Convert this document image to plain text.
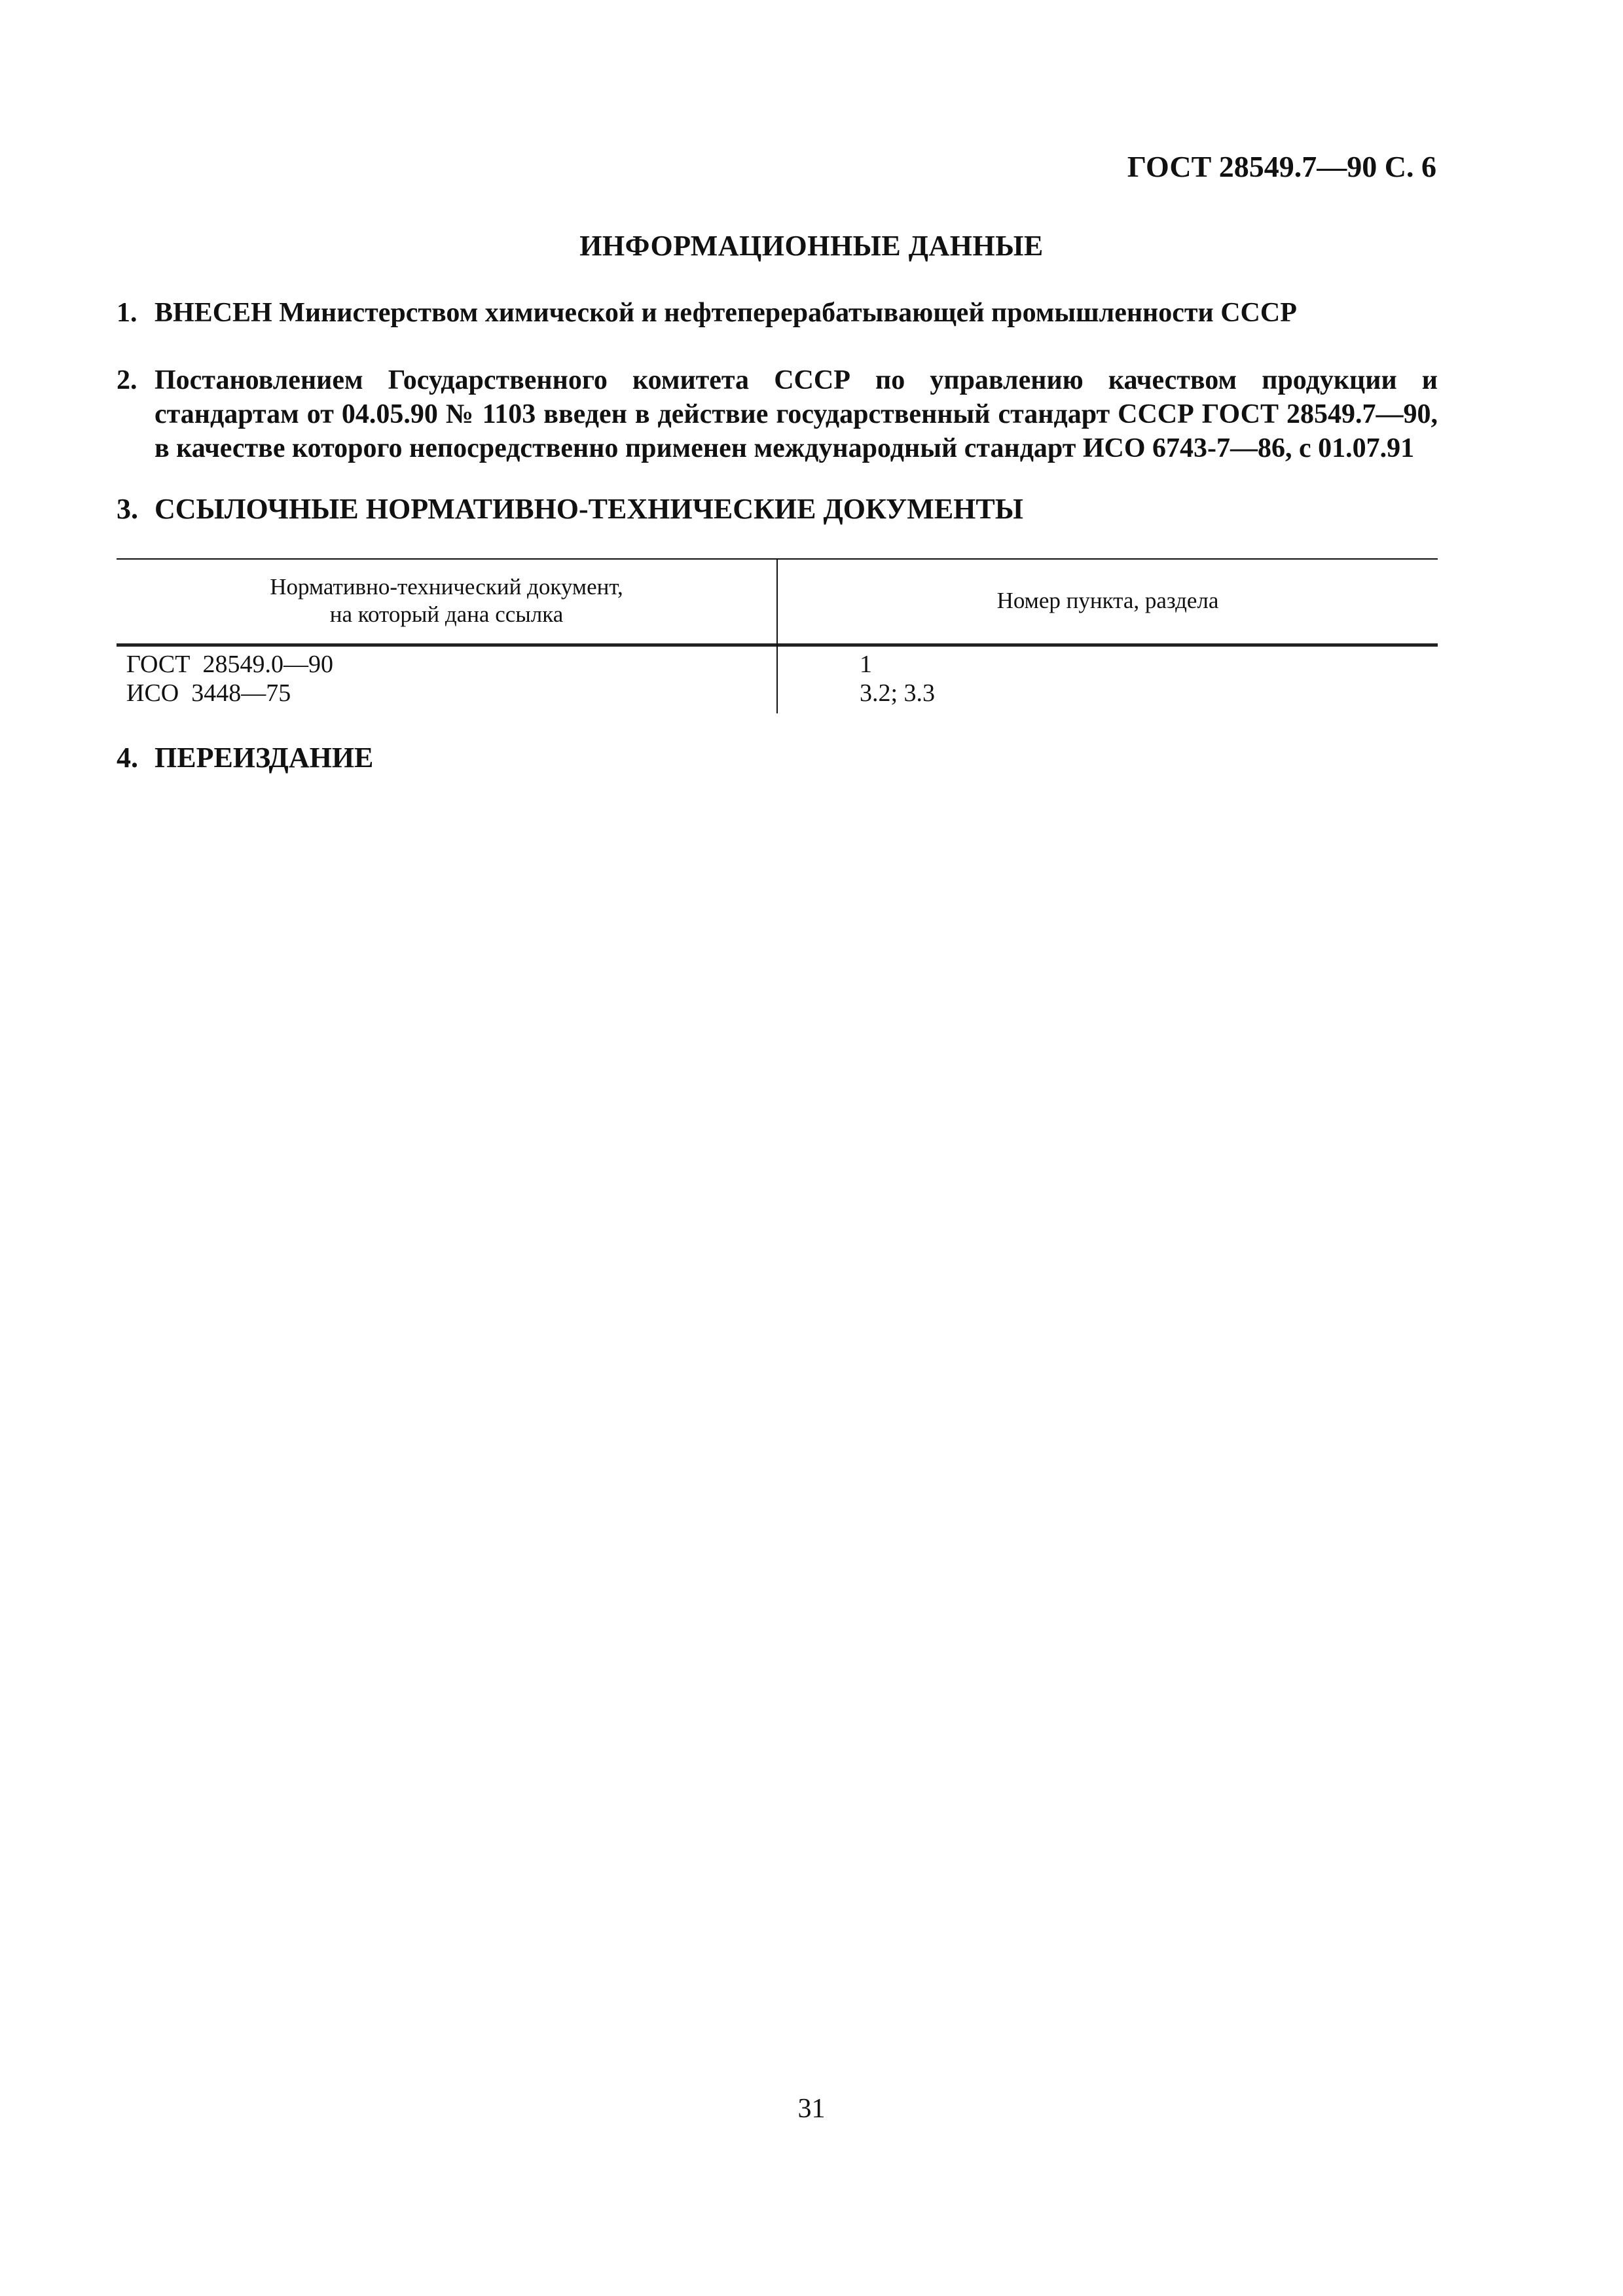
ГОСТ 28549.7—90 С. 6
ИНФОРМАЦИОННЫЕ ДАННЫЕ
1. ВНЕСЕН Министерством химической и нефтеперерабатывающей промышленности СССР
2. Постановлением Государственного комитета СССР по управлению качеством продукции и стандартам от 04.05.90 № 1103 введен в действие государственный стандарт СССР ГОСТ 28549.7—90, в качестве которого непосредственно применен международный стандарт ИСО 6743-7—86, с 01.07.91
3. ССЫЛОЧНЫЕ НОРМАТИВНО-ТЕХНИЧЕСКИЕ ДОКУМЕНТЫ
Нормативно-технический документ, на который дана ссылка
Номер пункта, раздела
ГОСТ  28549.0—90
ИСО  3448—75
1
3.2; 3.3
4. ПЕРЕИЗДАНИЕ
31
